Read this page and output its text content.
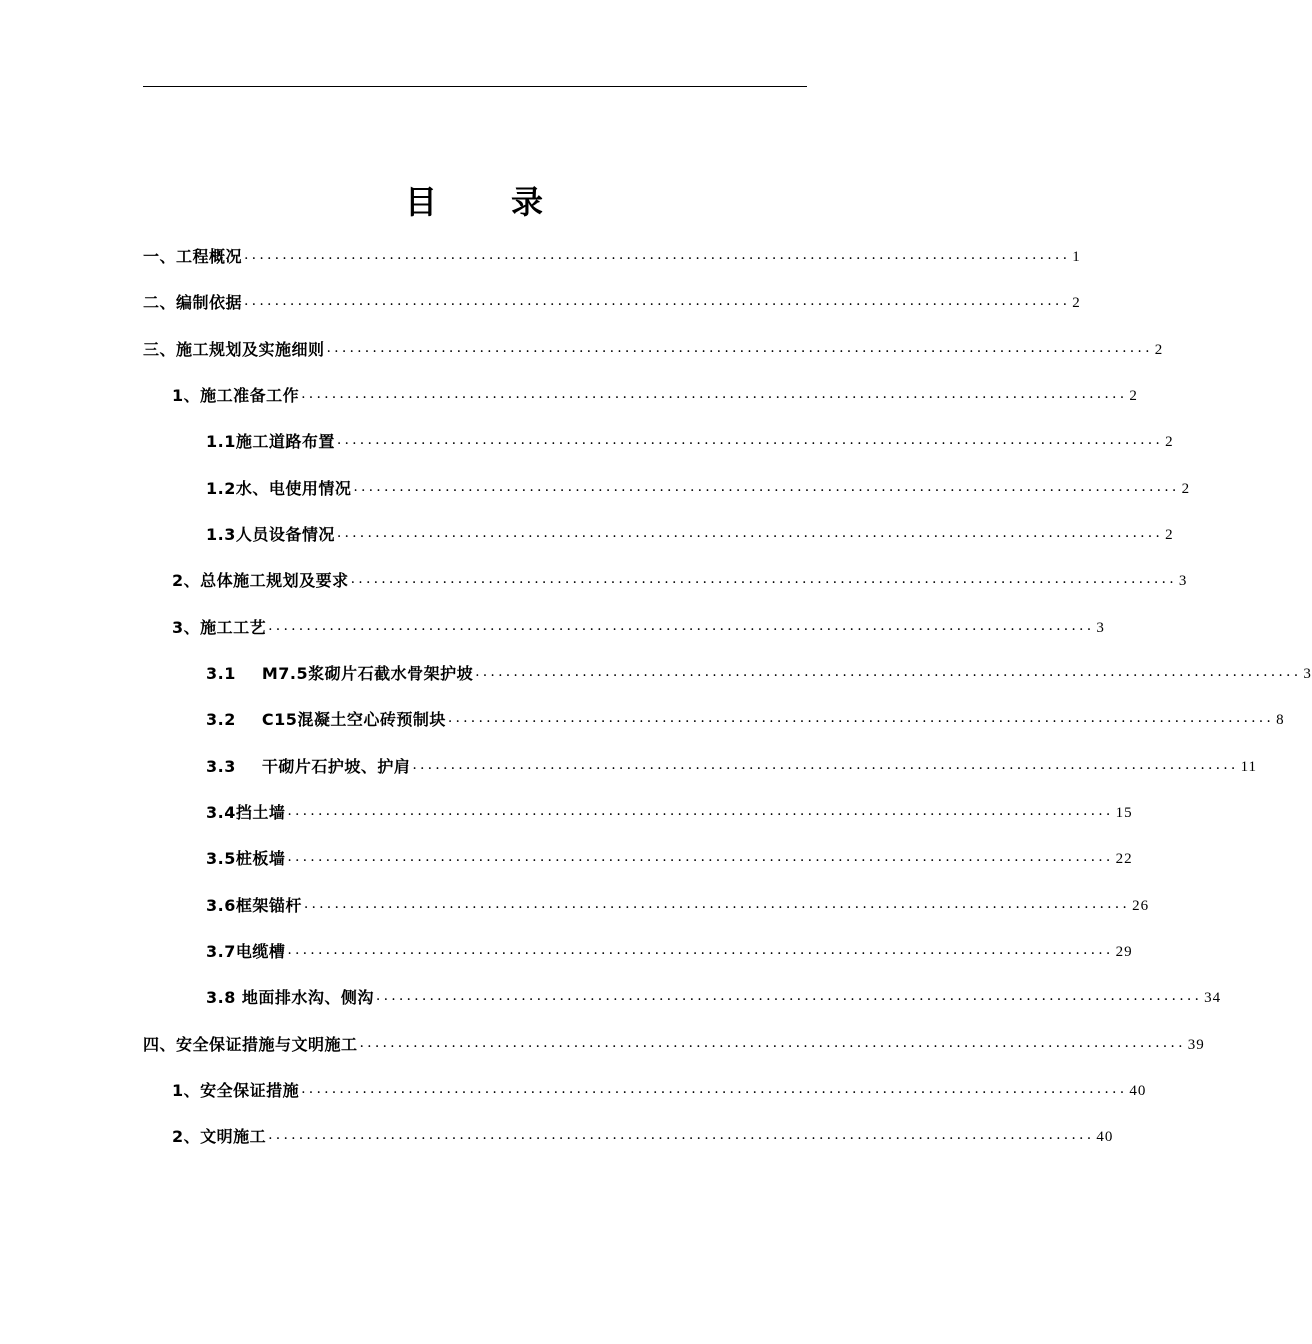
目 录
一、工程概况 ............................................................................................................ 1
二、编制依据 ............................................................................................................ 2
三、施工规划及实施细则 ............................................................................................................ 2
1、施工准备工作 ............................................................................................................ 2
1.1施工道路布置 ............................................................................................................ 2
1.2水、电使用情况 ............................................................................................................ 2
1.3人员设备情况 ............................................................................................................ 2
2、总体施工规划及要求 ............................................................................................................ 3
3、施工工艺 ............................................................................................................ 3
3.1 M7.5浆砌片石截水骨架护坡 ............................................................................................................ 3
3.2 C15混凝土空心砖预制块 ............................................................................................................ 8
3.3 干砌片石护坡、护肩 ............................................................................................................ 11
3.4挡土墙 ............................................................................................................ 15
3.5桩板墙 ............................................................................................................ 22
3.6框架锚杆 ............................................................................................................ 26
3.7电缆槽 ............................................................................................................ 29
3.8 地面排水沟、侧沟 ............................................................................................................ 34
四、安全保证措施与文明施工 ............................................................................................................ 39
1、安全保证措施 ............................................................................................................ 40
2、文明施工 ............................................................................................................ 40
